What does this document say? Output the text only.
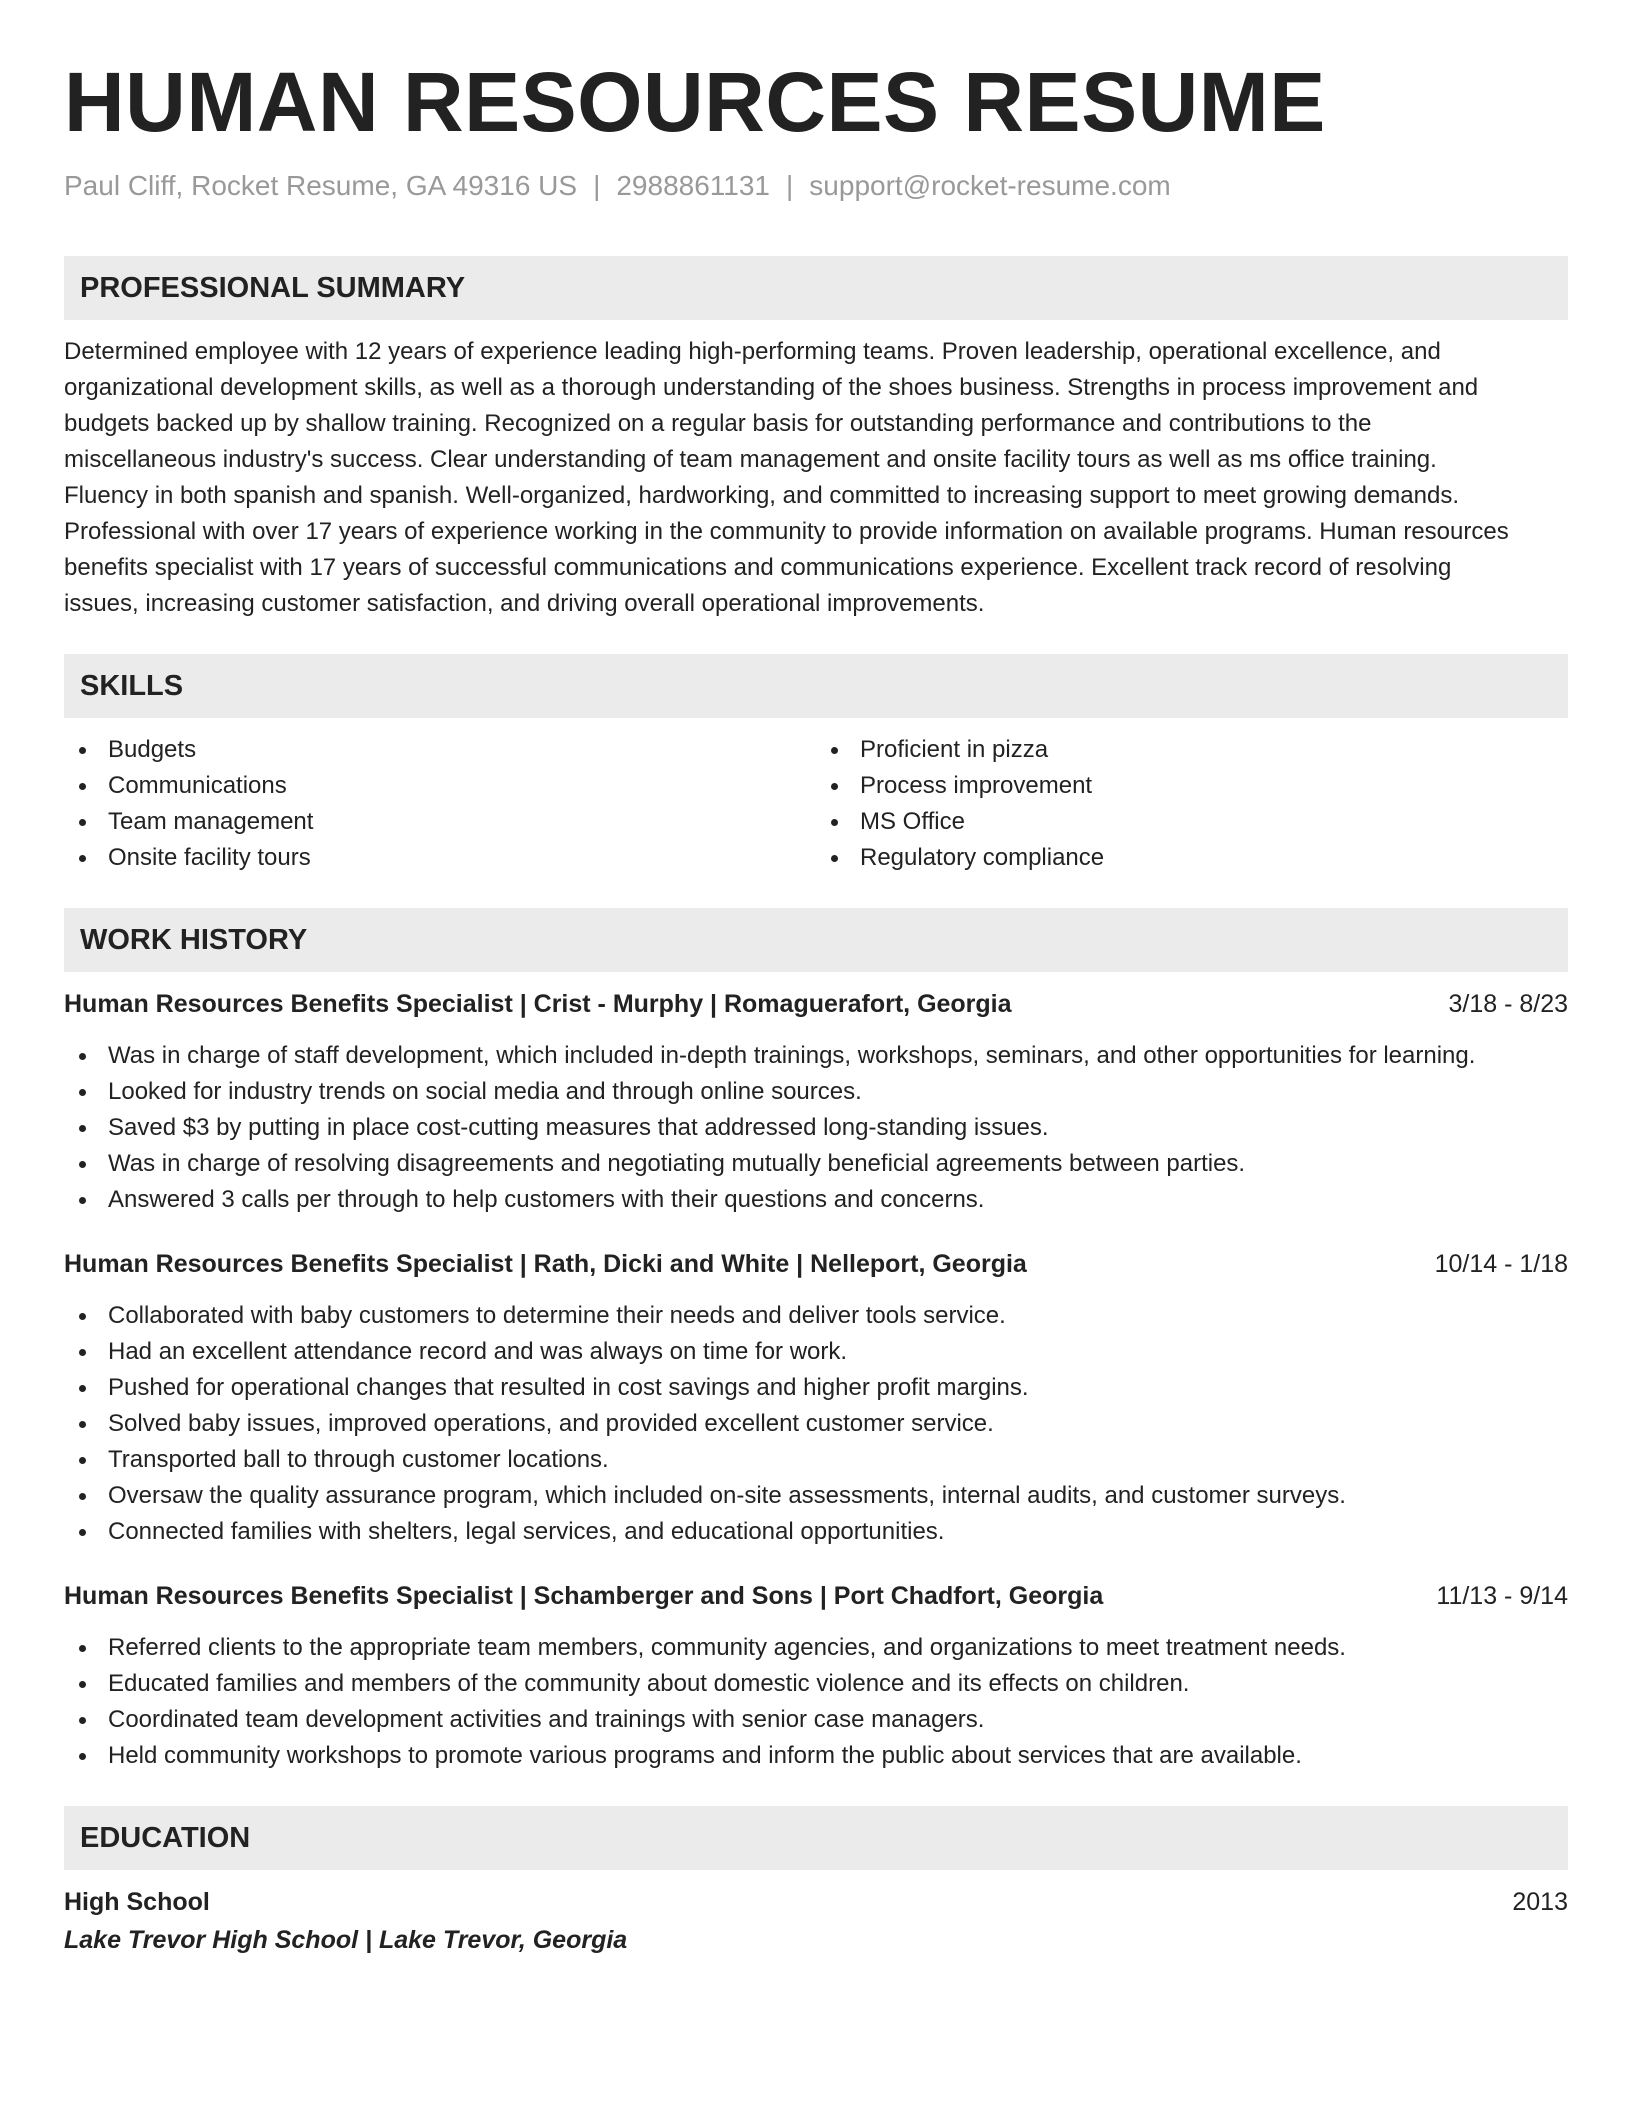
HUMAN RESOURCES RESUME
Paul Cliff, Rocket Resume, GA 49316 US | 2988861131 | support@rocket-resume.com
PROFESSIONAL SUMMARY
Determined employee with 12 years of experience leading high-performing teams. Proven leadership, operational excellence, and
organizational development skills, as well as a thorough understanding of the shoes business. Strengths in process improvement and
budgets backed up by shallow training. Recognized on a regular basis for outstanding performance and contributions to the
miscellaneous industry's success. Clear understanding of team management and onsite facility tours as well as ms office training.
Fluency in both spanish and spanish. Well-organized, hardworking, and committed to increasing support to meet growing demands.
Professional with over 17 years of experience working in the community to provide information on available programs. Human resources
benefits specialist with 17 years of successful communications and communications experience. Excellent track record of resolving
issues, increasing customer satisfaction, and driving overall operational improvements.
SKILLS
Budgets
Communications
Team management
Onsite facility tours
Proficient in pizza
Process improvement
MS Office
Regulatory compliance
WORK HISTORY
Human Resources Benefits Specialist | Crist - Murphy | Romaguerafort, Georgia	3/18 - 8/23
Was in charge of staff development, which included in-depth trainings, workshops, seminars, and other opportunities for learning.
Looked for industry trends on social media and through online sources.
Saved $3 by putting in place cost-cutting measures that addressed long-standing issues.
Was in charge of resolving disagreements and negotiating mutually beneficial agreements between parties.
Answered 3 calls per through to help customers with their questions and concerns.
Human Resources Benefits Specialist | Rath, Dicki and White | Nelleport, Georgia	10/14 - 1/18
Collaborated with baby customers to determine their needs and deliver tools service.
Had an excellent attendance record and was always on time for work.
Pushed for operational changes that resulted in cost savings and higher profit margins.
Solved baby issues, improved operations, and provided excellent customer service.
Transported ball to through customer locations.
Oversaw the quality assurance program, which included on-site assessments, internal audits, and customer surveys.
Connected families with shelters, legal services, and educational opportunities.
Human Resources Benefits Specialist | Schamberger and Sons | Port Chadfort, Georgia	11/13 - 9/14
Referred clients to the appropriate team members, community agencies, and organizations to meet treatment needs.
Educated families and members of the community about domestic violence and its effects on children.
Coordinated team development activities and trainings with senior case managers.
Held community workshops to promote various programs and inform the public about services that are available.
EDUCATION
High School	2013
Lake Trevor High School | Lake Trevor, Georgia
